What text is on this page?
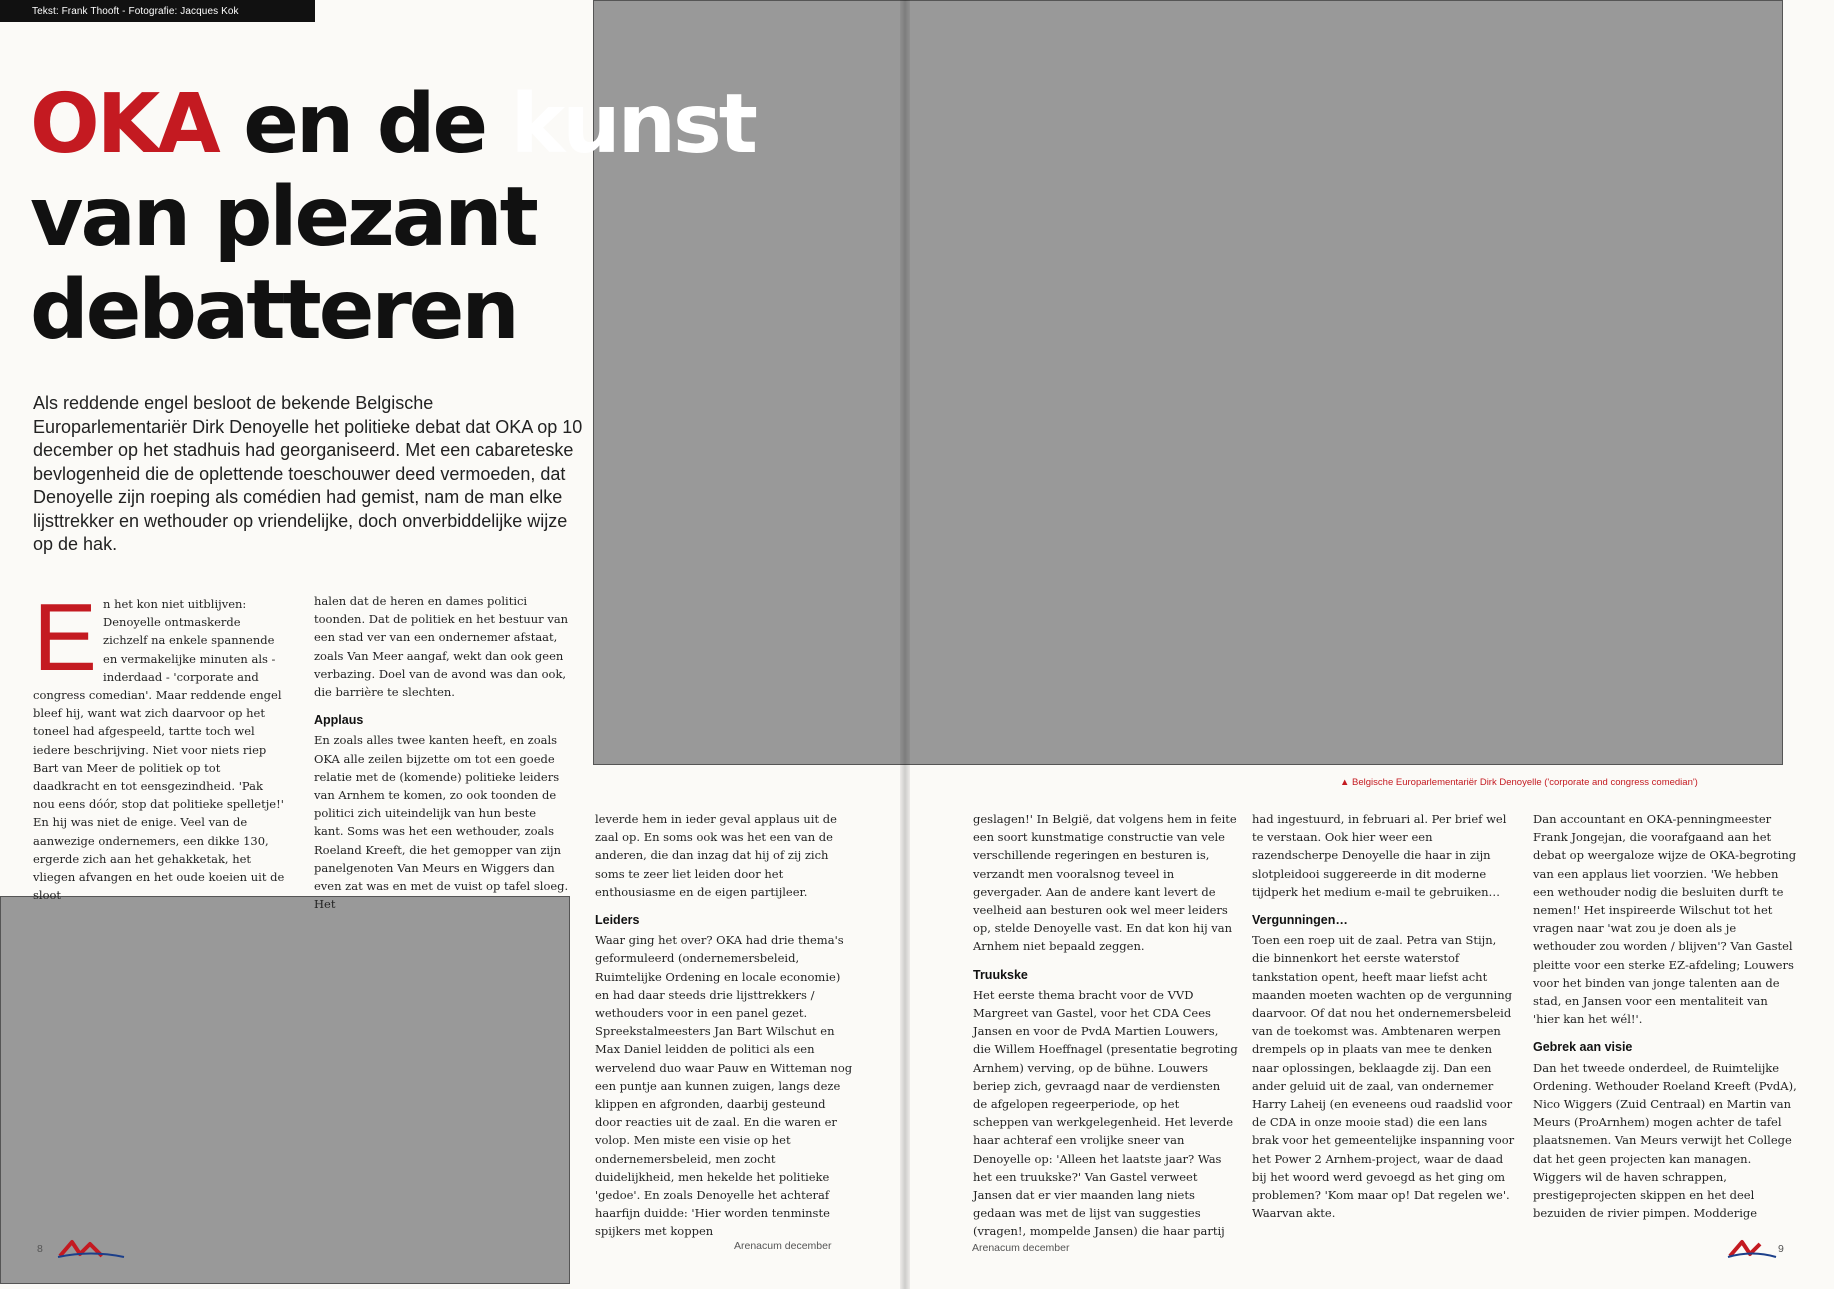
Tekst: Frank Thooft - Fotografie: Jacques Kok
OKA en de kunst
van plezant
debatteren

Als reddende engel besloot de bekende Belgische Europarlementariër Dirk Denoyelle het politieke debat dat OKA op 10 december op het stadhuis had georganiseerd. Met een cabareteske bevlogenheid die de oplettende toeschouwer deed vermoeden, dat Denoyelle zijn roeping als comédien had gemist, nam de man elke lijsttrekker en wethouder op vriendelijke, doch onverbiddelijke wijze op de hak.

E n het kon niet uitblijven: Denoyelle ontmaskerde zichzelf na enkele spannende en vermakelijke minuten als - inderdaad - 'corporate and congress comedian'. Maar reddende engel bleef hij, want wat zich daarvoor op het toneel had afgespeeld, tartte toch wel iedere beschrijving. Niet voor niets riep Bart van Meer de politiek op tot daadkracht en tot eensgezindheid. 'Pak nou eens dóór, stop dat politieke spelletje!' En hij was niet de enige. Veel van de aanwezige ondernemers, een dikke 130, ergerde zich aan het gehakketak, het vliegen afvangen en het oude koeien uit de sloot

halen dat de heren en dames politici toonden. Dat de politiek en het bestuur van een stad ver van een ondernemer afstaat, zoals Van Meer aangaf, wekt dan ook geen verbazing. Doel van de avond was dan ook, die barrière te slechten.

Applaus

En zoals alles twee kanten heeft, en zoals OKA alle zeilen bijzette om tot een goede relatie met de (komende) politieke leiders van Arnhem te komen, zo ook toonden de politici zich uiteindelijk van hun beste kant. Soms was het een wethouder, zoals Roeland Kreeft, die het gemopper van zijn panelgenoten Van Meurs en Wiggers dan even zat was en met de vuist op tafel sloeg. Het

leverde hem in ieder geval applaus uit de zaal op. En soms ook was het een van de anderen, die dan inzag dat hij of zij zich soms te zeer liet leiden door het enthousiasme en de eigen partijleer.

Leiders

Waar ging het over? OKA had drie thema's geformuleerd (ondernemersbeleid, Ruimtelijke Ordening en locale economie) en had daar steeds drie lijsttrekkers / wethouders voor in een panel gezet. Spreekstalmeesters Jan Bart Wilschut en Max Daniel leidden de politici als een wervelend duo waar Pauw en Witteman nog een puntje aan kunnen zuigen, langs deze klippen en afgronden, daarbij gesteund door reacties uit de zaal. En die waren er volop. Men miste een visie op het ondernemersbeleid, men zocht duidelijkheid, men hekelde het politieke 'gedoe'. En zoals Denoyelle het achteraf haarfijn duidde: 'Hier worden tenminste spijkers met koppen

geslagen!' In België, dat volgens hem in feite een soort kunstmatige constructie van vele verschillende regeringen en besturen is, verzandt men vooralsnog teveel in gevergader. Aan de andere kant levert de veelheid aan besturen ook wel meer leiders op, stelde Denoyelle vast. En dat kon hij van Arnhem niet bepaald zeggen.

Truukske

Het eerste thema bracht voor de VVD Margreet van Gastel, voor het CDA Cees Jansen en voor de PvdA Martien Louwers, die Willem Hoeffnagel (presentatie begroting Arnhem) verving, op de bühne. Louwers beriep zich, gevraagd naar de verdiensten de afgelopen regeerperiode, op het scheppen van werkgelegenheid. Het leverde haar achteraf een vrolijke sneer van Denoyelle op: 'Alleen het laatste jaar? Was het een truukske?' Van Gastel verweet Jansen dat er vier maanden lang niets gedaan was met de lijst van suggesties (vragen!, mompelde Jansen) die haar partij

had ingestuurd, in februari al. Per brief wel te verstaan. Ook hier weer een razendscherpe Denoyelle die haar in zijn slotpleidooi suggereerde in dit moderne tijdperk het medium e-mail te gebruiken…

Vergunningen…

Toen een roep uit de zaal. Petra van Stijn, die binnenkort het eerste waterstof tankstation opent, heeft maar liefst acht maanden moeten wachten op de vergunning daarvoor. Of dat nou het ondernemersbeleid van de toekomst was. Ambtenaren werpen drempels op in plaats van mee te denken naar oplossingen, beklaagde zij. Dan een ander geluid uit de zaal, van ondernemer Harry Laheij (en eveneens oud raadslid voor de CDA in onze mooie stad) die een lans brak voor het gemeentelijke inspanning voor het Power 2 Arnhem-project, waar de daad bij het woord werd gevoegd as het ging om problemen? 'Kom maar op! Dat regelen we'. Waarvan akte.

Dan accountant en OKA-penningmeester Frank Jongejan, die voorafgaand aan het debat op weergaloze wijze de OKA-begroting van een applaus liet voorzien. 'We hebben een wethouder nodig die besluiten durft te nemen!' Het inspireerde Wilschut tot het vragen naar 'wat zou je doen als je wethouder zou worden / blijven'? Van Gastel pleitte voor een sterke EZ-afdeling; Louwers voor het binden van jonge talenten aan de stad, en Jansen voor een mentaliteit van 'hier kan het wél!'.

Gebrek aan visie

Dan het tweede onderdeel, de Ruimtelijke Ordening. Wethouder Roeland Kreeft (PvdA), Nico Wiggers (Zuid Centraal) en Martin van Meurs (ProArnhem) mogen achter de tafel plaatsnemen. Van Meurs verwijt het College dat het geen projecten kan managen. Wiggers wil de haven schrappen, prestigeprojecten skippen en het deel bezuiden de rivier pimpen. Modderige

▲ Belgische Europarlementariër Dirk Denoyelle ('corporate and congress comedian')
8	Arenacum december	Arenacum december	9
